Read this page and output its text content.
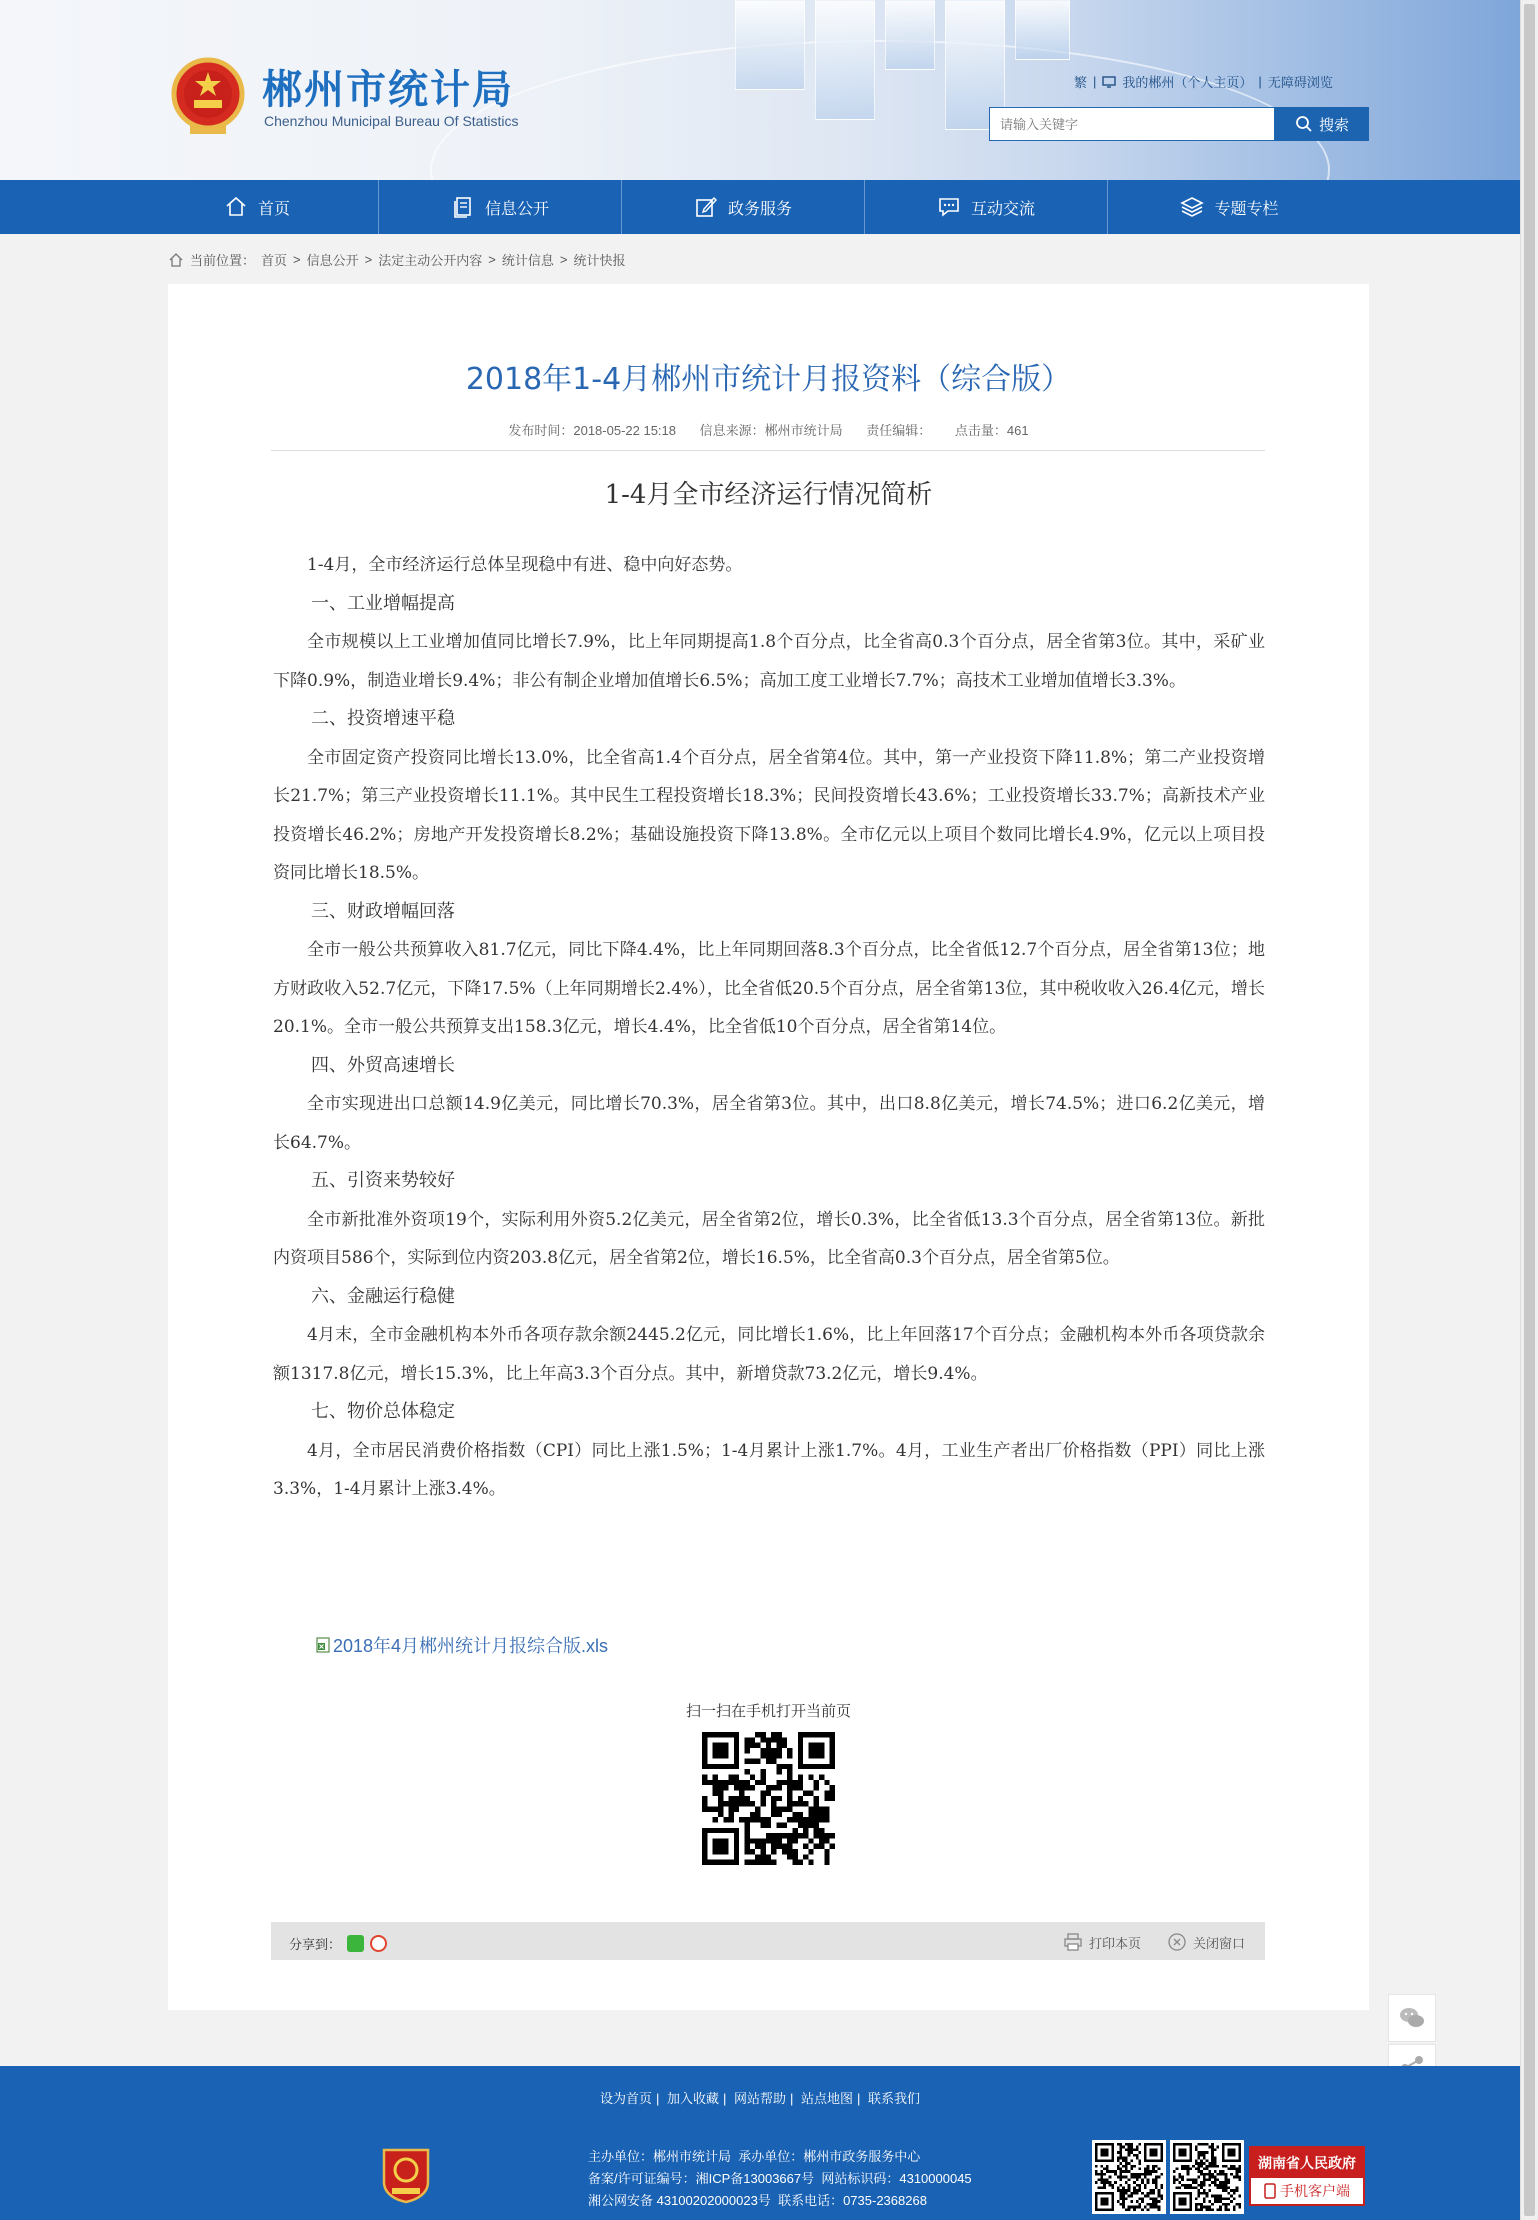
郴州市统计局
Chenzhou Municipal Bureau Of Statistics
繁 | 我的郴州（个人主页） | 无障碍浏览
请输入关键字
搜索
首页	信息公开	政务服务	互动交流	专题专栏
当前位置： 首页 > 信息公开 > 法定主动公开内容 > 统计信息 > 统计快报
2018年1-4月郴州市统计月报资料（综合版）
发布时间：2018-05-22 15:18 信息来源：郴州市统计局 责任编辑： 点击量：461
1-4月全市经济运行情况简析

1-4月，全市经济运行总体呈现稳中有进、稳中向好态势。

一、工业增幅提高

全市规模以上工业增加值同比增长7.9%，比上年同期提高1.8个百分点，比全省高0.3个百分点，居全省第3位。其中，采矿业下降0.9%，制造业增长9.4%；非公有制企业增加值增长6.5%；高加工度工业增长7.7%；高技术工业增加值增长3.3%。

二、投资增速平稳

全市固定资产投资同比增长13.0%，比全省高1.4个百分点，居全省第4位。其中，第一产业投资下降11.8%；第二产业投资增长21.7%；第三产业投资增长11.1%。其中民生工程投资增长18.3%；民间投资增长43.6%；工业投资增长33.7%；高新技术产业投资增长46.2%；房地产开发投资增长8.2%；基础设施投资下降13.8%。全市亿元以上项目个数同比增长4.9%，亿元以上项目投资同比增长18.5%。

三、财政增幅回落

全市一般公共预算收入81.7亿元，同比下降4.4%，比上年同期回落8.3个百分点，比全省低12.7个百分点，居全省第13位；地方财政收入52.7亿元，下降17.5%（上年同期增长2.4%），比全省低20.5个百分点，居全省第13位，其中税收收入26.4亿元，增长20.1%。全市一般公共预算支出158.3亿元，增长4.4%，比全省低10个百分点，居全省第14位。

四、外贸高速增长

全市实现进出口总额14.9亿美元，同比增长70.3%，居全省第3位。其中，出口8.8亿美元，增长74.5%；进口6.2亿美元，增长64.7%。

五、引资来势较好

全市新批准外资项19个，实际利用外资5.2亿美元，居全省第2位，增长0.3%，比全省低13.3个百分点，居全省第13位。新批内资项目586个，实际到位内资203.8亿元，居全省第2位，增长16.5%，比全省高0.3个百分点，居全省第5位。

六、金融运行稳健

4月末，全市金融机构本外币各项存款余额2445.2亿元，同比增长1.6%，比上年回落17个百分点；金融机构本外币各项贷款余额1317.8亿元，增长15.3%，比上年高3.3个百分点。其中，新增贷款73.2亿元，增长9.4%。

七、物价总体稳定

4月，全市居民消费价格指数（CPI）同比上涨1.5%；1-4月累计上涨1.7%。4月，工业生产者出厂价格指数（PPI）同比上涨3.3%，1-4月累计上涨3.4%。

2018年4月郴州统计月报综合版.xls
扫一扫在手机打开当前页
分享到：	打印本页	关闭窗口
设为首页 | 加入收藏 | 网站帮助 | 站点地图 | 联系我们
主办单位：郴州市统计局 承办单位：郴州市政务服务中心
备案/许可证编号：湘ICP备13003667号 网站标识码：4310000045
湘公网安备 43100202000023号 联系电话：0735-2368268
湖南省人民政府
手机客户端
